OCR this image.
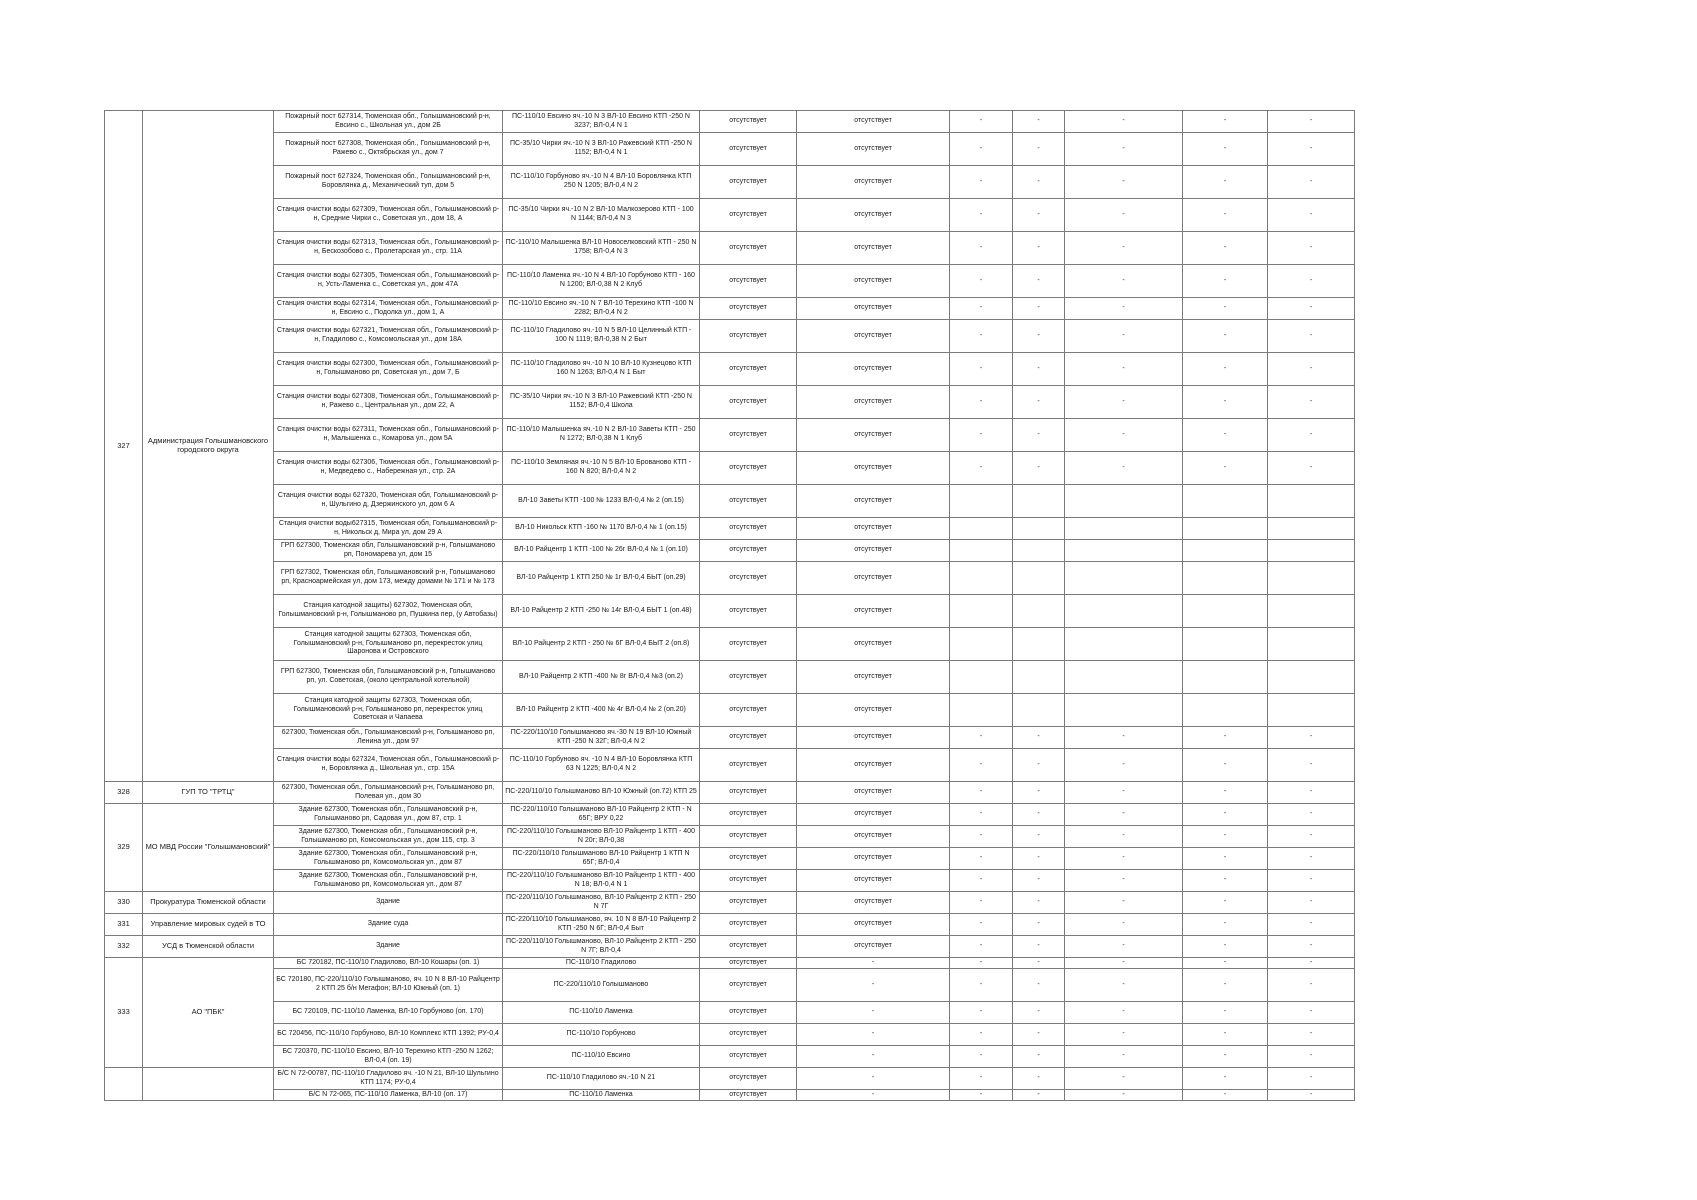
327	Администрация Голышмановского городского округа	Пожарный пост 627314, Тюменская обл., Голышмановский р-н, Евсино с., Школьная ул., дом 2Б	ПС-110/10 Евсино яч.-10 N 3 ВЛ-10 Евсино КТП -250 N 3237; ВЛ-0,4 N 1	отсутствует	отсутствует	-	-	-	-	-
		Пожарный пост 627308, Тюменская обл., Голышмановский р-н, Ражево с., Октябрьская ул., дом 7	ПС-35/10 Чирки яч.-10 N 3 ВЛ-10 Ражевский КТП -250 N 1152; ВЛ-0,4 N 1	отсутствует	отсутствует	-	-	-	-	-
		Пожарный пост 627324, Тюменская обл., Голышмановский р-н, Боровлянка д., Механический туп, дом 5	ПС-110/10 Горбуново яч.-10 N 4 ВЛ-10 Боровлянка КТП 250 N 1205; ВЛ-0,4 N 2	отсутствует	отсутствует	-	-	-	-	-
		Станция очистки воды 627309, Тюменская обл., Голышмановский р-н, Средние Чирки с., Советская ул., дом 18, А	ПС-35/10 Чирки яч.-10 N 2 ВЛ-10 Малкозерово КТП - 100 N 1144; ВЛ-0,4 N 3	отсутствует	отсутствует	-	-	-	-	-
		Станция очистки воды 627313, Тюменская обл., Голышмановский р-н, Бескозобово с., Пролетарская ул., стр. 11А	ПС-110/10 Малышенка ВЛ-10 Новоселковский КТП - 250 N 1758; ВЛ-0,4 N 3	отсутствует	отсутствует	-	-	-	-	-
		Станция очистки воды 627305, Тюменская обл., Голышмановский р-н, Усть-Ламенка с., Советская ул., дом 47А	ПС-110/10 Ламенка яч.-10 N 4 ВЛ-10 Горбуново КТП - 160 N 1200; ВЛ-0,38 N 2 Клуб	отсутствует	отсутствует	-	-	-	-	-
		Станция очистки воды 627314, Тюменская обл., Голышмановский р-н, Евсино с., Подолка ул., дом 1, А	ПС-110/10 Евсино яч.-10 N 7 ВЛ-10 Терехино КТП -100 N 2282; ВЛ-0,4 N 2	отсутствует	отсутствует	-	-	-	-	-
		Станция очистки воды 627321, Тюменская обл., Голышмановский р-н, Гладилово с., Комсомольская ул., дом 18А	ПС-110/10 Гладилово яч.-10 N 5 ВЛ-10 Целинный КТП - 100 N 1119; ВЛ-0,38 N 2 Быт	отсутствует	отсутствует	-	-	-	-	-
		Станция очистки воды 627300, Тюменская обл., Голышмановский р-н, Голышманово рп, Советская ул., дом 7, Б	ПС-110/10 Гладилово яч.-10 N 10 ВЛ-10 Кузнецово КТП 160 N 1263; ВЛ-0,4 N 1 Быт	отсутствует	отсутствует	-	-	-	-	-
		Станция очистки воды 627308, Тюменская обл., Голышмановский р-н, Ражево с., Центральная ул., дом 22, А	ПС-35/10 Чирки яч.-10 N 3 ВЛ-10 Ражевский КТП -250 N 1152; ВЛ-0,4 Школа	отсутствует	отсутствует	-	-	-	-	-
		Станция очистки воды 627311, Тюменская обл., Голышмановский р-н, Малышенка с., Комарова ул., дом 5А	ПС-110/10 Малышенка яч.-10 N 2 ВЛ-10 Заветы КТП - 250 N 1272; ВЛ-0,38 N 1 Клуб	отсутствует	отсутствует	-	-	-	-	-
		Станция очистки воды 627306, Тюменская обл., Голышмановский р-н, Медведево с., Набережная ул., стр. 2А	ПС-110/10 Земляная яч.-10 N 5 ВЛ-10 Брованово КТП - 160 N 820; ВЛ-0,4 N 2	отсутствует	отсутствует	-	-	-	-	-
		Станция очистки воды 627320, Тюменская обл, Голышмановский р-н, Шульгино д, Дзержинского ул, дом 6 А	ВЛ-10 Заветы КТП -100 № 1233 ВЛ-0,4 № 2 (оп.15)	отсутствует	отсутствует					
		Станция очистки воды627315, Тюменская обл, Голышмановский р-н, Никольск д, Мира ул, дом 29 А	ВЛ-10 Никольск КТП -160 № 1170 ВЛ-0,4 № 1 (оп.15)	отсутствует	отсутствует					
		ГРП 627300, Тюменская обл, Голышмановский р-н, Голышманово рп, Пономарева ул, дом 15	ВЛ-10 Райцентр 1 КТП -100 № 26г ВЛ-0,4 № 1 (оп.10)	отсутствует	отсутствует					
		ГРП 627302, Тюменская обл, Голышмановский р-н, Голышманово рп, Красноармейская ул, дом 173, между домами № 171 и № 173	ВЛ-10 Райцентр 1 КТП 250 № 1г ВЛ-0,4 БЫТ (оп.29)	отсутствует	отсутствует					
		Станция катодной защиты) 627302, Тюменская обл, Голышмановский р-н, Голышманово рп, Пушкина пер, (у Автобазы)	ВЛ-10 Райцентр 2 КТП -250 № 14г ВЛ-0,4 БЫТ 1 (оп.48)	отсутствует	отсутствует					
		Станция катодной защиты 627303, Тюменская обл, Голышмановский р-н, Голышманово рп, перекресток улиц Шаронова и Островского	ВЛ-10 Райцентр 2 КТП - 250 № 6Г ВЛ-0,4 БЫТ 2 (оп.8)	отсутствует	отсутствует					
		ГРП 627300, Тюменская обл, Голышмановский р-н, Голышманово рп, ул. Советская, (около центральной котельной)	ВЛ-10 Райцентр 2 КТП -400 № 8г ВЛ-0,4 №3 (оп.2)	отсутствует	отсутствует					
		Станция катодной защиты 627303, Тюменская обл, Голышмановский р-н, Голышманово рп, перекресток улиц Советская и Чапаева	ВЛ-10 Райцентр 2 КТП -400 № 4г ВЛ-0,4 № 2 (оп.20)	отсутствует	отсутствует					
		627300, Тюменская обл., Голышмановский р-н, Голышманово рп, Ленина ул., дом 97	ПС-220/110/10 Голышманово яч.-30 N 19 ВЛ-10 Южный КТП -250 N 32Г; ВЛ-0,4 N 2	отсутствует	отсутствует	-	-	-	-	-
		Станция очистки воды 627324, Тюменская обл., Голышмановский р-н, Боровлянка д., Школьная ул., стр. 15А	ПС-110/10 Горбуново яч. -10 N 4 ВЛ-10 Боровлянка КТП 63 N 1225; ВЛ-0,4 N 2	отсутствует	отсутствует	-	-	-	-	-
328	ГУП ТО "ТРТЦ"	627300, Тюменская обл., Голышмановский р-н, Голышманово рп, Полевая ул., дом 30	ПС-220/110/10 Голышманово ВЛ-10 Южный (оп.72) КТП 25	отсутствует	отсутствует	-	-	-	-	-
329	МО МВД России "Голышмановский"	Здание 627300, Тюменская обл., Голышмановский р-н, Голышманово рп, Садовая ул., дом 87, стр. 1	ПС-220/110/10 Голышманово ВЛ-10 Райцентр 2 КТП - N 65Г; ВРУ 0,22	отсутствует	отсутствует	-	-	-	-	-
		Здание 627300, Тюменская обл., Голышмановский р-н, Голышманово рп, Комсомольская ул., дом 115, стр. 3	ПС-220/110/10 Голышманово ВЛ-10 Райцентр 1 КТП - 400 N 20г; ВЛ-0,38	отсутствует	отсутствует	-	-	-	-	-
		Здание 627300, Тюменская обл., Голышмановский р-н, Голышманово рп, Комсомольская ул., дом 87	ПС-220/110/10 Голышманово ВЛ-10 Райцентр 1 КТП N 65Г; ВЛ-0,4	отсутствует	отсутствует	-	-	-	-	-
		Здание 627300, Тюменская обл., Голышмановский р-н, Голышманово рп, Комсомольская ул., дом 87	ПС-220/110/10 Голышманово ВЛ-10 Райцентр 1 КТП - 400 N 18; ВЛ-0,4 N 1	отсутствует	отсутствует	-	-	-	-	-
330	Прокуратура Тюменской области	Здание	ПС-220/110/10 Голышманово, ВЛ-10 Райцентр 2 КТП - 250 N 7Г	отсутствует	отсутствует	-	-	-	-	-
331	Управление мировых судей в ТО	Здание суда	ПС-220/110/10 Голышманово, яч. 10 N 8 ВЛ-10 Райцентр 2 КТП -250 N 6Г; ВЛ-0,4 Быт	отсутствует	отсутствует	-	-	-	-	-
332	УСД в Тюменской области	Здание	ПС-220/110/10 Голышманово, ВЛ-10 Райцентр 2 КТП - 250 N 7Г; ВЛ-0,4	отсутствует	отсутствует	-	-	-	-	-
333	АО "ПБК"	БС 720182, ПС-110/10 Гладилово, ВЛ-10 Кошары (оп. 1)	ПС-110/10 Гладилово	отсутствует	-	-	-	-	-	-
		БС 720180, ПС-220/110/10 Голышманово, яч. 10 N 8 ВЛ-10 Райцентр 2 КТП 25 б/н Мегафон; ВЛ-10 Южный (оп. 1)	ПС-220/110/10 Голышманово	отсутствует	-	-	-	-	-	-
		БС 720109, ПС-110/10 Ламенка, ВЛ-10 Горбуново (оп. 170)	ПС-110/10 Ламенка	отсутствует	-	-	-	-	-	-
		БС 720456, ПС-110/10 Горбуново, ВЛ-10 Комплекс КТП 1392; РУ-0,4	ПС-110/10 Горбуново	отсутствует	-	-	-	-	-	-
		БС 720370, ПС-110/10 Евсино, ВЛ-10 Терехино КТП -250 N 1262; ВЛ-0,4 (оп. 19)	ПС-110/10 Евсино	отсутствует	-	-	-	-	-	-
		Б/С N 72-00787, ПС-110/10 Гладилово яч. -10 N 21, ВЛ-10 Шульгино КТП 1174; РУ-0,4	ПС-110/10 Гладилово яч.-10 N 21	отсутствует	-	-	-	-	-	-
		Б/С N 72-065, ПС-110/10 Ламенка, ВЛ-10 (оп. 17)	ПС-110/10 Ламенка	отсутствует	-	-	-	-	-	-
